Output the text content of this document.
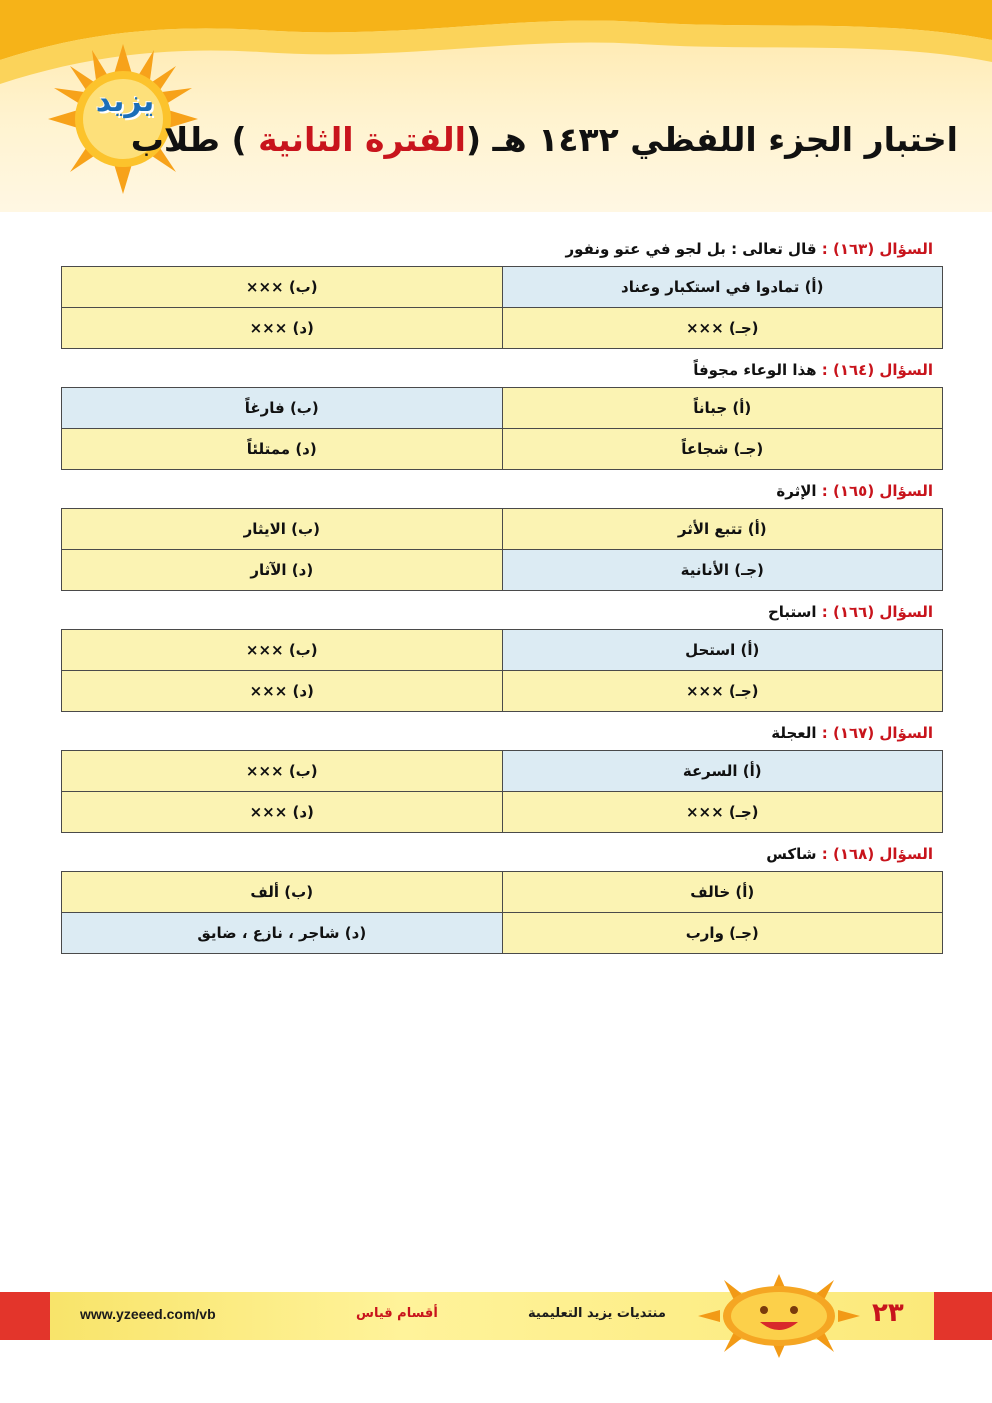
يزيد
اختبار الجزء اللفظي ١٤٣٢ هـ (الفترة الثانية ) طلاب
السؤال (١٦٣) : قال تعالى : بل لجو في عتو ونفور
(أ) تمادوا في استكبار وعناد	(ب) ×××
(جـ) ×××	(د) ×××
السؤال (١٦٤) : هذا الوعاء مجوفاً
(أ) جباناً	(ب) فارغاً
(جـ) شجاعاً	(د) ممتلئاً
السؤال (١٦٥) : الإثرة
(أ) تتبع الأثر	(ب) الايثار
(جـ) الأنانية	(د) الآثار
السؤال (١٦٦) : استباح
(أ) استحل	(ب) ×××
(جـ) ×××	(د) ×××
السؤال (١٦٧) : العجلة
(أ) السرعة	(ب) ×××
(جـ) ×××	(د) ×××
السؤال (١٦٨) : شاكس
(أ) خالف	(ب) ألف
(جـ) وارب	(د) شاجر ، نازع ، ضايق
www.yzeeed.com/vb	أقسام قياس	منتديات يزيد التعليمية	٢٣
